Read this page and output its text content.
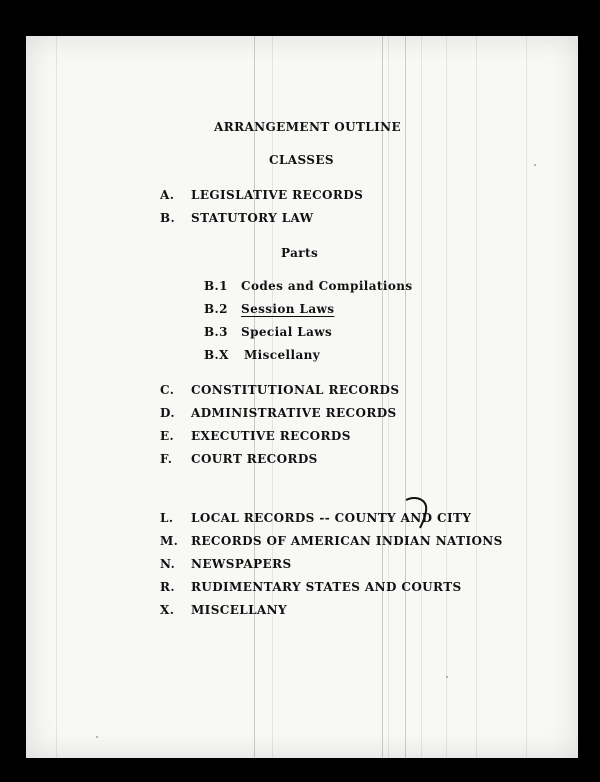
ARRANGEMENT OUTLINE
CLASSES
A. LEGISLATIVE RECORDS
B. STATUTORY LAW
Parts
B.1 Codes and Compilations
B.2 Session Laws
B.3 Special Laws
B.X Miscellany
C. CONSTITUTIONAL RECORDS
D. ADMINISTRATIVE RECORDS
E. EXECUTIVE RECORDS
F. COURT RECORDS
L. LOCAL RECORDS -- COUNTY AND CITY
M. RECORDS OF AMERICAN INDIAN NATIONS
N. NEWSPAPERS
R. RUDIMENTARY STATES AND COURTS
X. MISCELLANY
